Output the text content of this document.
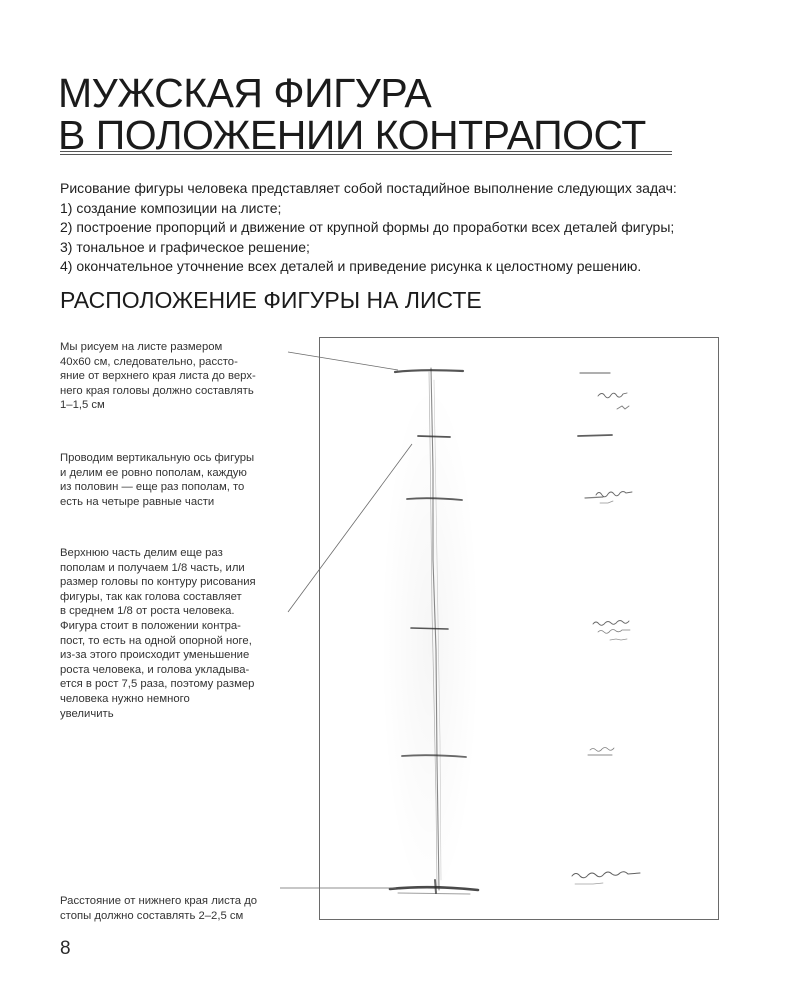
МУЖСКАЯ ФИГУРА
В ПОЛОЖЕНИИ КОНТРАПОСТ
Рисование фигуры человека представляет собой постадийное выполнение следующих задач:
1) создание композиции на листе;
2) построение пропорций и движение от крупной формы до проработки всех деталей фигуры;
3) тональное и графическое решение;
4) окончательное уточнение всех деталей и приведение рисунка к целостному решению.
РАСПОЛОЖЕНИЕ ФИГУРЫ НА ЛИСТЕ
Мы рисуем на листе размером
40х60 см, следовательно, рассто-
яние от верхнего края листа до верх-
него края головы должно составлять
1–1,5 см
Проводим вертикальную ось фигуры
и делим ее ровно пополам, каждую
из половин — еще раз пополам, то
есть на четыре равные части
Верхнюю часть делим еще раз
пополам и получаем 1/8 часть, или
размер головы по контуру рисования
фигуры, так как голова составляет
в среднем 1/8 от роста человека.
Фигура стоит в положении контра-
пост, то есть на одной опорной ноге,
из-за этого происходит уменьшение
роста человека, и голова укладыва-
ется в рост 7,5 раза, поэтому размер
человека нужно немного
увеличить
Расстояние от нижнего края листа до
стопы должно составлять 2–2,5 см
8
